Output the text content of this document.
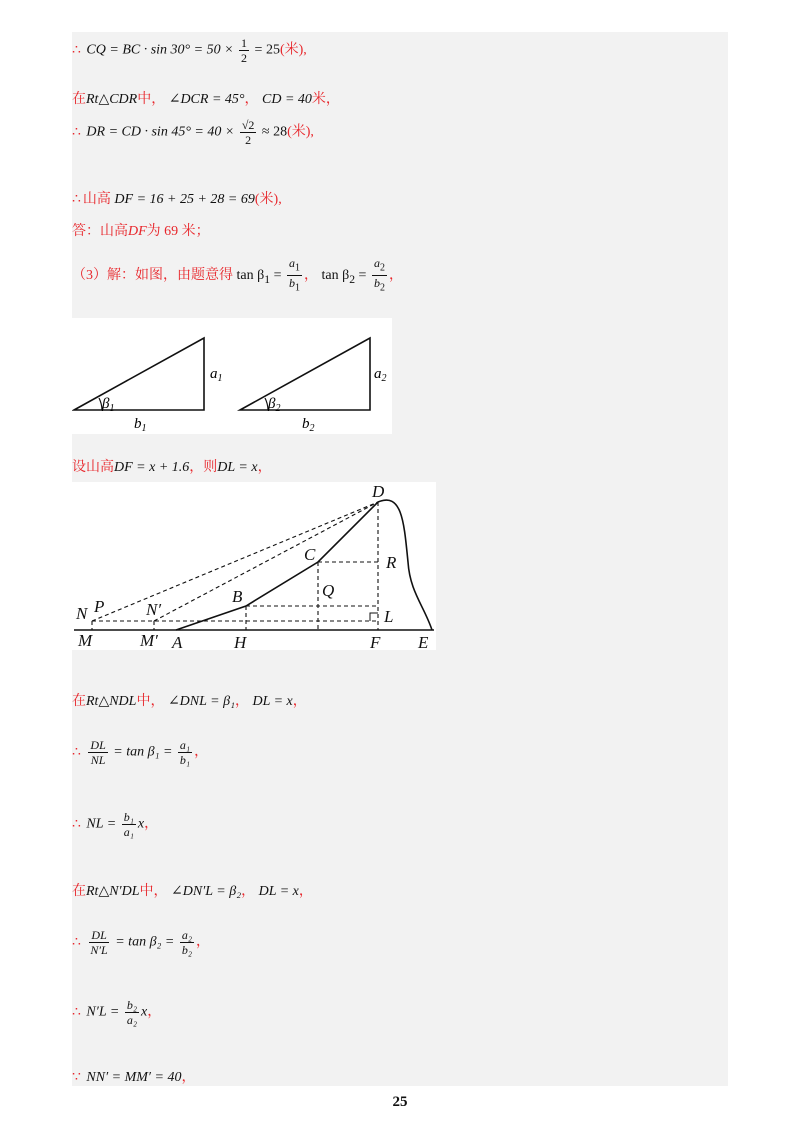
∴ CQ = BC · $\sin 30^\circ = 50 \times \frac{1}{2} = 25$(米),
在Rt△CDR中， ∠DCR = 45°， CD = 40米，
∴ DR = CD · $\sin 45^\circ = 40 \times \frac{√2}{2} \approx 28$(米),
∴ 山高 DF = 16 + 25 + 28 = 69(米),
答：山高DF为 69 米；
（3）解：如图，由题意得 $\tan \beta_1 = \frac{a_1}{b_1}$ ， $\tan \beta_2 = \frac{a_2}{b_2}$ ，
$\beta_1$
$a_1$
$b_1$
$\beta_2$
$a_2$
$b_2$
设山高DF = x + 1.6，则DL = x，
D
C	R
B	Q
N P N′	L
M	M′ A	H	F E
在Rt△NDL中， ∠DNL = β₁， DL = x，
∴ $\frac{DL}{NL} = \tan \beta_1 = \frac{\text{a₁}}{\text{b₁}}$ ，
∴ NL = $\frac{\text{b₁}}{\text{a₁}}$ x，
在Rt△N′DL中， ∠DN′L = β₂， DL = x，
∴ $\frac{DL}{N'L} = \tan \beta_2 = \frac{\text{a₂}}{\text{b₂}}$ ，
∴ $N'L = \frac{\text{b₂}}{\text{a₂}}$ x，
∵ NN′ = MM′ = 40，
25
